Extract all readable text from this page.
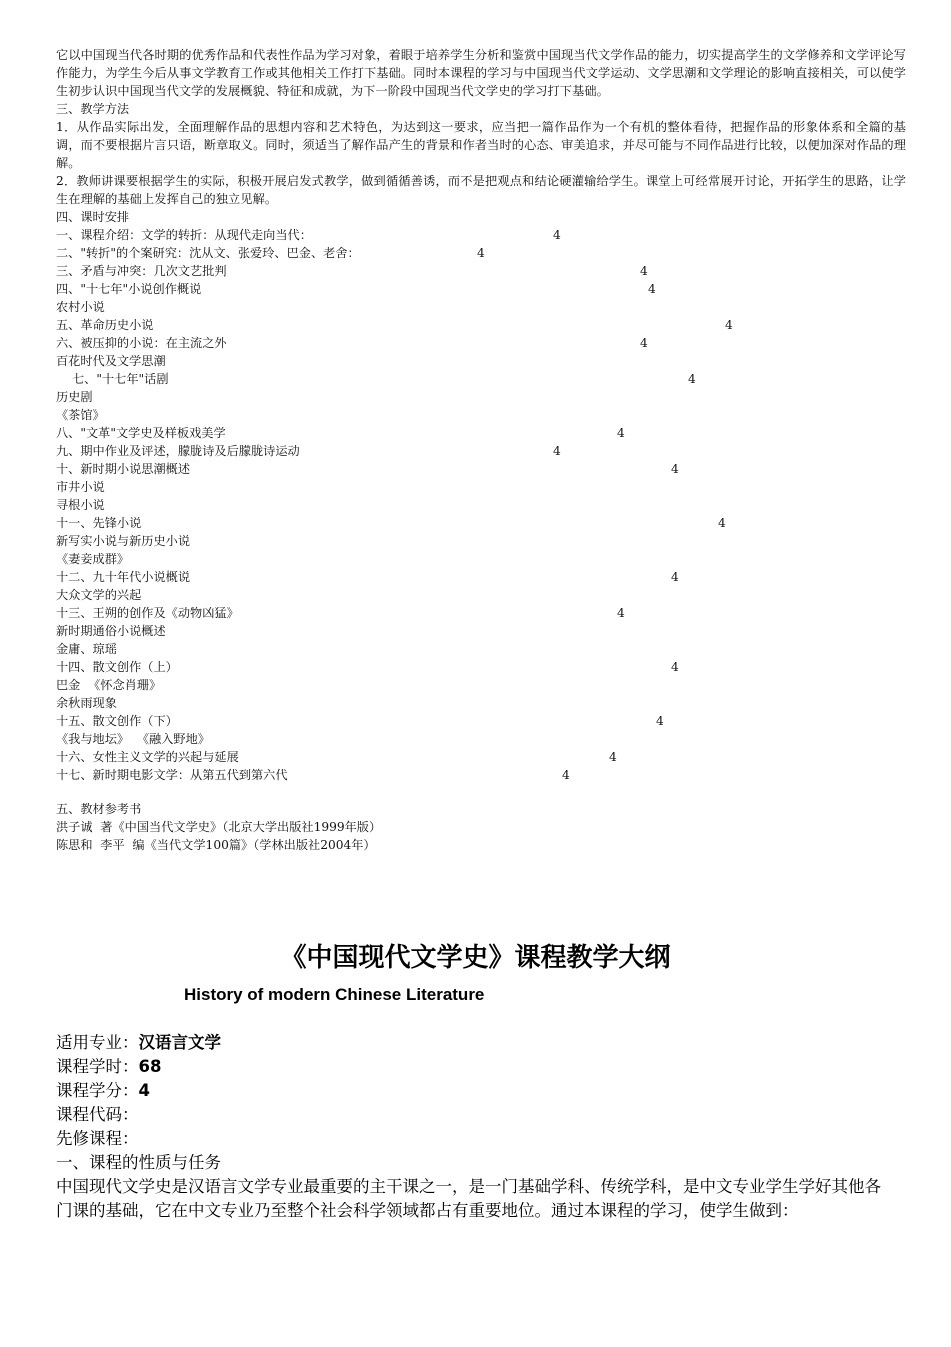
它以中国现当代各时期的优秀作品和代表性作品为学习对象，着眼于培养学生分析和鉴赏中国现当代文学作品的能力，切实提高学生的文学修养和文学评论写作能力，为学生今后从事文学教育工作或其他相关工作打下基础。同时本课程的学习与中国现当代文学运动、文学思潮和文学理论的影响直接相关，可以使学生初步认识中国现当代文学的发展概貌、特征和成就，为下一阶段中国现当代文学史的学习打下基础。

三、教学方法

1．从作品实际出发，全面理解作品的思想内容和艺术特色，为达到这一要求，应当把一篇作品作为一个有机的整体看待，把握作品的形象体系和全篇的基调，而不要根据片言只语，断章取义。同时，须适当了解作品产生的背景和作者当时的心态、审美追求，并尽可能与不同作品进行比较，以便加深对作品的理解。

2．教师讲课要根据学生的实际，积极开展启发式教学，做到循循善诱，而不是把观点和结论硬灌输给学生。课堂上可经常展开讨论，开拓学生的思路，让学生在理解的基础上发挥自己的独立见解。

四、课时安排

一、课程介绍：文学的转折：从现代走向当代：	4
二、"转折"的个案研究：沈从文、张爱玲、巴金、老舍：	4
三、矛盾与冲突：几次文艺批判	4
四、"十七年"小说创作概说	4
农村小说
五、革命历史小说	4
六、被压抑的小说：在主流之外	4
百花时代及文学思潮
七、"十七年"话剧	4
历史剧
《茶馆》
八、"文革"文学史及样板戏美学	4
九、期中作业及评述，朦胧诗及后朦胧诗运动	4
十、新时期小说思潮概述	4
市井小说
寻根小说
十一、先锋小说	4
新写实小说与新历史小说
《妻妾成群》
十二、九十年代小说概说	4
大众文学的兴起
十三、王朔的创作及《动物凶猛》	4
新时期通俗小说概述
金庸、琼瑶
十四、散文创作（上）	4
巴金  《怀念肖珊》
余秋雨现象
十五、散文创作（下）	4
《我与地坛》  《融入野地》
十六、女性主义文学的兴起与延展	4
十七、新时期电影文学：从第五代到第六代	4

五、教材参考书

洪子诚  著《中国当代文学史》（北京大学出版社1999年版）

陈思和  李平  编《当代文学100篇》（学林出版社2004年）

《中国现代文学史》课程教学大纲
History of modern Chinese Literature

适用专业：汉语言文学

课程学时：68

课程学分：4

课程代码：

先修课程：

一、课程的性质与任务

中国现代文学史是汉语言文学专业最重要的主干课之一，是一门基础学科、传统学科，是中文专业学生学好其他各门课的基础，它在中文专业乃至整个社会科学领域都占有重要地位。通过本课程的学习，使学生做到：
